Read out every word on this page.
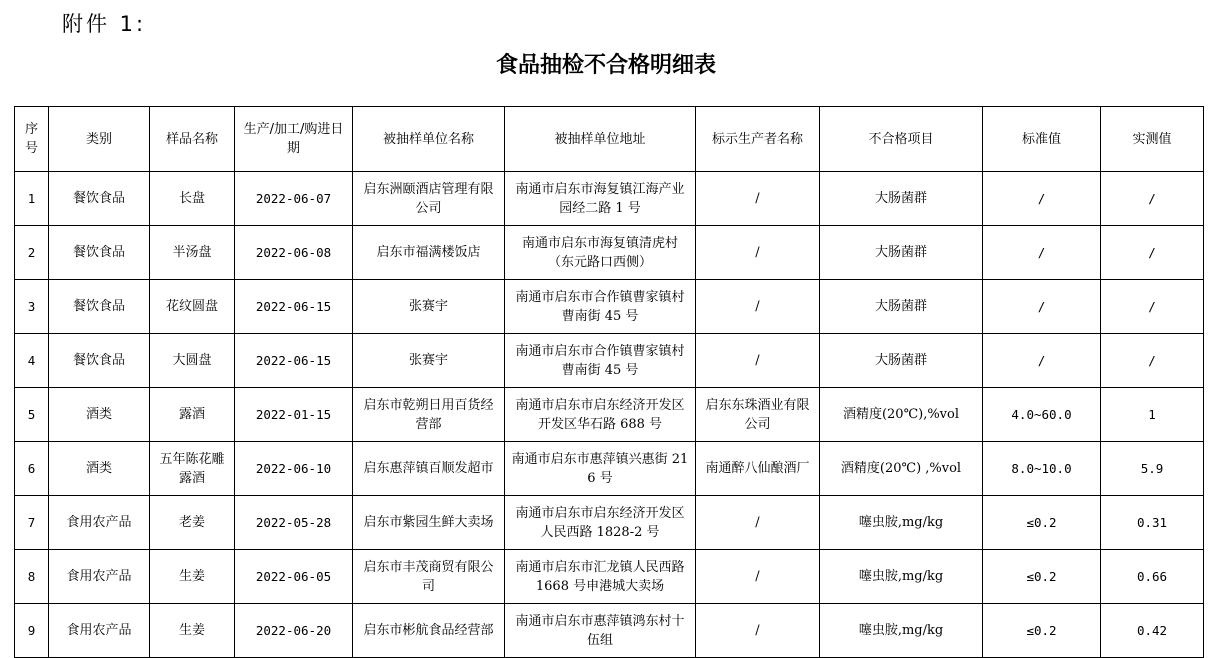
附件 1:
食品抽检不合格明细表
序号	类别	样品名称	生产/加工/购进日期	被抽样单位名称	被抽样单位地址	标示生产者名称	不合格项目	标准值	实测值
1	餐饮食品	长盘	2022-06-07	启东洲颐酒店管理有限公司	南通市启东市海复镇江海产业园经二路 1 号	/	大肠菌群	/	/
2	餐饮食品	半汤盘	2022-06-08	启东市福满楼饭店	南通市启东市海复镇清虎村（东元路口西侧）	/	大肠菌群	/	/
3	餐饮食品	花纹圆盘	2022-06-15	张赛宇	南通市启东市合作镇曹家镇村曹南街 45 号	/	大肠菌群	/	/
4	餐饮食品	大圆盘	2022-06-15	张赛宇	南通市启东市合作镇曹家镇村曹南街 45 号	/	大肠菌群	/	/
5	酒类	露酒	2022-01-15	启东市乾朔日用百货经营部	南通市启东市启东经济开发区开发区华石路 688 号	启东东珠酒业有限公司	酒精度(20℃),%vol	4.0~60.0	1
6	酒类	五年陈花雕露酒	2022-06-10	启东惠萍镇百顺发超市	南通市启东市惠萍镇兴惠街 216 号	南通醉八仙酿酒厂	酒精度(20℃) ,%vol	8.0~10.0	5.9
7	食用农产品	老姜	2022-05-28	启东市紫园生鲜大卖场	南通市启东市启东经济开发区人民西路 1828-2 号	/	噻虫胺,mg/kg	≤0.2	0.31
8	食用农产品	生姜	2022-06-05	启东市丰茂商贸有限公司	南通市启东市汇龙镇人民西路 1668 号申港城大卖场	/	噻虫胺,mg/kg	≤0.2	0.66
9	食用农产品	生姜	2022-06-20	启东市彬航食品经营部	南通市启东市惠萍镇鸿东村十伍组	/	噻虫胺,mg/kg	≤0.2	0.42
